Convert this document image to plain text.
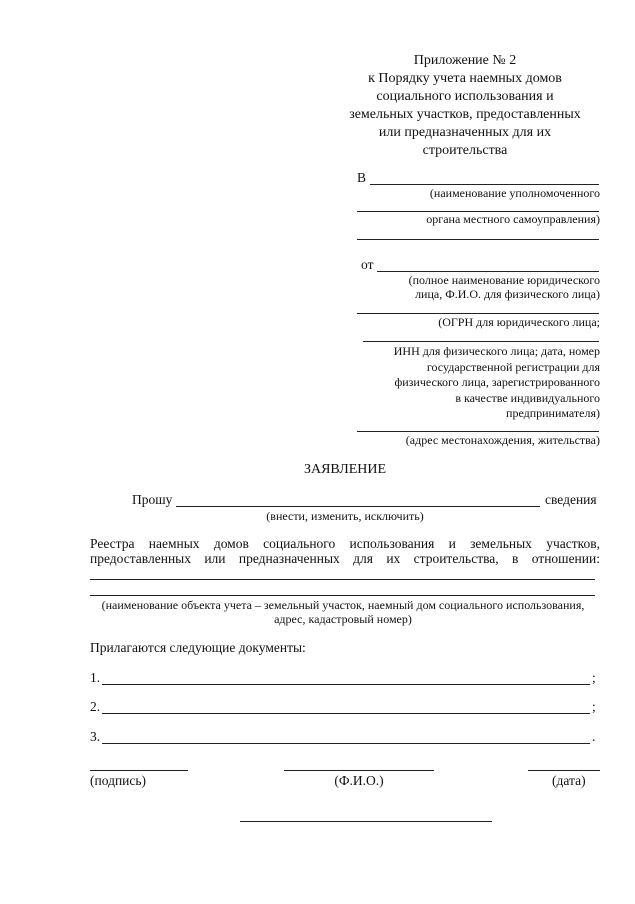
Приложение № 2
к Порядку учета наемных домов
социального использования и
земельных участков, предоставленных
или предназначенных для их
строительства
В
(наименование уполномоченного
органа местного самоуправления)
от
(полное наименование юридического
лица, Ф.И.О. для физического лица)
(ОГРН для юридического лица;
ИНН для физического лица; дата, номер
государственной регистрации для
физического лица, зарегистрированного
в качестве индивидуального
предпринимателя)
(адрес местонахождения, жительства)
ЗАЯВЛЕНИЕ
Прошу	сведения
(внести, изменить, исключить)
Реестра наемных домов социального использования и земельных участков,
предоставленных или предназначенных для их строительства, в отношении:
(наименование объекта учета – земельный участок, наемный дом социального использования,
адрес, кадастровый номер)
Прилагаются следующие документы:
1.	;
2.	;
3.	.
(подпись)	(Ф.И.О.)	(дата)
